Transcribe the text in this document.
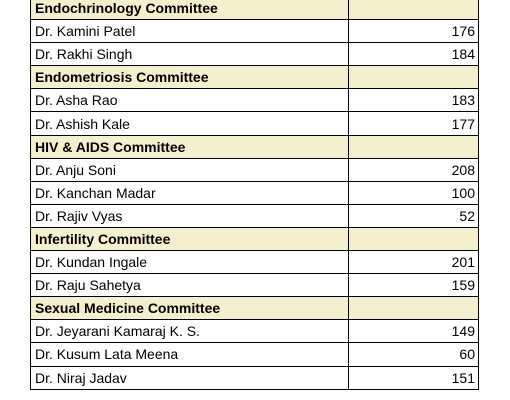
Endochrinology Committee	
Dr. Kamini Patel	176
Dr. Rakhi Singh	184
Endometriosis Committee	
Dr. Asha Rao	183
Dr. Ashish Kale	177
HIV & AIDS Committee	
Dr. Anju Soni	208
Dr. Kanchan Madar	100
Dr. Rajiv Vyas	52
Infertility Committee	
Dr. Kundan Ingale	201
Dr. Raju Sahetya	159
Sexual Medicine Committee	
Dr. Jeyarani Kamaraj K. S.	149
Dr. Kusum Lata Meena	60
Dr. Niraj Jadav	151
